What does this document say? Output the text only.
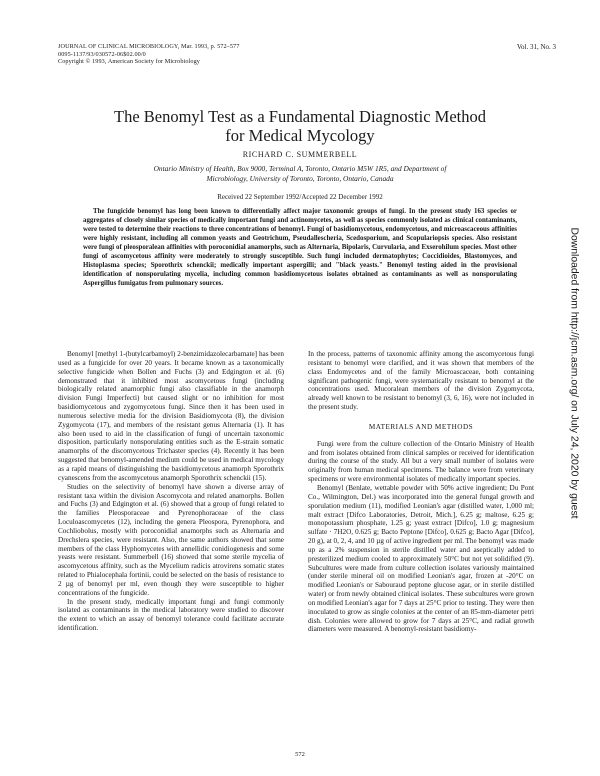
JOURNAL OF CLINICAL MICROBIOLOGY, Mar. 1993, p. 572–577
0095-1137/93/030572-06$02.00/0
Copyright © 1993, American Society for Microbiology
Vol. 31, No. 3
The Benomyl Test as a Fundamental Diagnostic Method
for Medical Mycology
RICHARD C. SUMMERBELL
Ontario Ministry of Health, Box 9000, Terminal A, Toronto, Ontario M5W 1R5, and Department of
Microbiology, University of Toronto, Toronto, Ontario, Canada
Received 22 September 1992/Accepted 22 December 1992
The fungicide benomyl has long been known to differentially affect major taxonomic groups of fungi. In the present study 163 species or aggregates of closely similar species of medically important fungi and actinomycetes, as well as species commonly isolated as clinical contaminants, were tested to determine their reactions to three concentrations of benomyl. Fungi of basidiomycetous, endomycetous, and microascaceous affinities were highly resistant, including all common yeasts and Geotrichum, Pseudallescheria, Scedosporium, and Scopulariopsis species. Also resistant were fungi of pleosporalean affinities with poroconidial anamorphs, such as Alternaria, Bipolaris, Curvularia, and Exserohilum species. Most other fungi of ascomycetous affinity were moderately to strongly susceptible. Such fungi included dermatophytes; Coccidioides, Blastomyces, and Histoplasma species; Sporothrix schenckii; medically important aspergilli; and "black yeasts." Benomyl testing aided in the provisional identification of nonsporulating mycelia, including common basidiomycetous isolates obtained as contaminants as well as nonsporulating Aspergillus fumigatus from pulmonary sources.

Benomyl [methyl 1-(butylcarbamoyl) 2-benzimidazolecarbamate] has been used as a fungicide for over 20 years. It became known as a taxonomically selective fungicide when Bollen and Fuchs (3) and Edgington et al. (6) demonstrated that it inhibited most ascomycetous fungi (including biologically related anamorphic fungi also classifiable in the anamorph division Fungi Imperfecti) but caused slight or no inhibition for most basidiomycetous and zygomycetous fungi. Since then it has been used in numerous selective media for the division Basidiomycota (8), the division Zygomycota (17), and members of the resistant genus Alternaria (1). It has also been used to aid in the classification of fungi of uncertain taxonomic disposition, particularly nonsporulating entities such as the E-strain somatic anamorphs of the discomycetous Trichaster species (4). Recently it has been suggested that benomyl-amended medium could be used in medical mycology as a rapid means of distinguishing the basidiomycetous anamorph Sporothrix cyanescens from the ascomycetous anamorph Sporothrix schenckii (15).

Studies on the selectivity of benomyl have shown a diverse array of resistant taxa within the division Ascomycota and related anamorphs. Bollen and Fuchs (3) and Edgington et al. (6) showed that a group of fungi related to the families Pleosporaceae and Pyrenophoraceae of the class Loculoascomycetes (12), including the genera Pleospora, Pyrenophora, and Cochliobolus, mostly with poroconidial anamorphs such as Alternaria and Drechslera species, were resistant. Also, the same authors showed that some members of the class Hyphomycetes with annellidic conidiogenesis and some yeasts were resistant. Summerbell (16) showed that some sterile mycelia of ascomycetous affinity, such as the Mycelium radicis atrovirens somatic states related to Phialocephala fortinii, could be selected on the basis of resistance to 2 µg of benomyl per ml, even though they were susceptible to higher concentrations of the fungicide.

In the present study, medically important fungi and fungi commonly isolated as contaminants in the medical laboratory were studied to discover the extent to which an assay of benomyl tolerance could facilitate accurate identification.

In the process, patterns of taxonomic affinity among the ascomycetous fungi resistant to benomyl were clarified, and it was shown that members of the class Endomycetes and of the family Microascaceae, both containing significant pathogenic fungi, were systematically resistant to benomyl at the concentrations used. Mucoralean members of the division Zygomycota, already well known to be resistant to benomyl (3, 6, 16), were not included in the present study.

MATERIALS AND METHODS

Fungi were from the culture collection of the Ontario Ministry of Health and from isolates obtained from clinical samples or received for identification during the course of the study. All but a very small number of isolates were originally from human medical specimens. The balance were from veterinary specimens or were environmental isolates of medically important species.

Benomyl (Benlate, wettable powder with 50% active ingredient; Du Pont Co., Wilmington, Del.) was incorporated into the general fungal growth and sporulation medium (11), modified Leonian's agar (distilled water, 1,000 ml; malt extract [Difco Laboratories, Detroit, Mich.], 6.25 g; maltose, 6.25 g; monopotassium phosphate, 1.25 g; yeast extract [Difco], 1.0 g; magnesium sulfate · 7H2O, 0.625 g; Bacto Peptone [Difco], 0.625 g; Bacto Agar [Difco], 20 g), at 0, 2, 4, and 10 µg of active ingredient per ml. The benomyl was made up as a 2% suspension in sterile distilled water and aseptically added to presterilized medium cooled to approximately 50°C but not yet solidified (9). Subcultures were made from culture collection isolates variously maintained (under sterile mineral oil on modified Leonian's agar, frozen at -20°C on modified Leonian's or Sabouraud peptone glucose agar, or in sterile distilled water) or from newly obtained clinical isolates. These subcultures were grown on modified Leonian's agar for 7 days at 25°C prior to testing. They were then inoculated to grow as single colonies at the center of an 85-mm-diameter petri dish. Colonies were allowed to grow for 7 days at 25°C, and radial growth diameters were measured. A benomyl-resistant basidiomy-

572
Downloaded from http://jcm.asm.org/ on July 24, 2020 by guest
